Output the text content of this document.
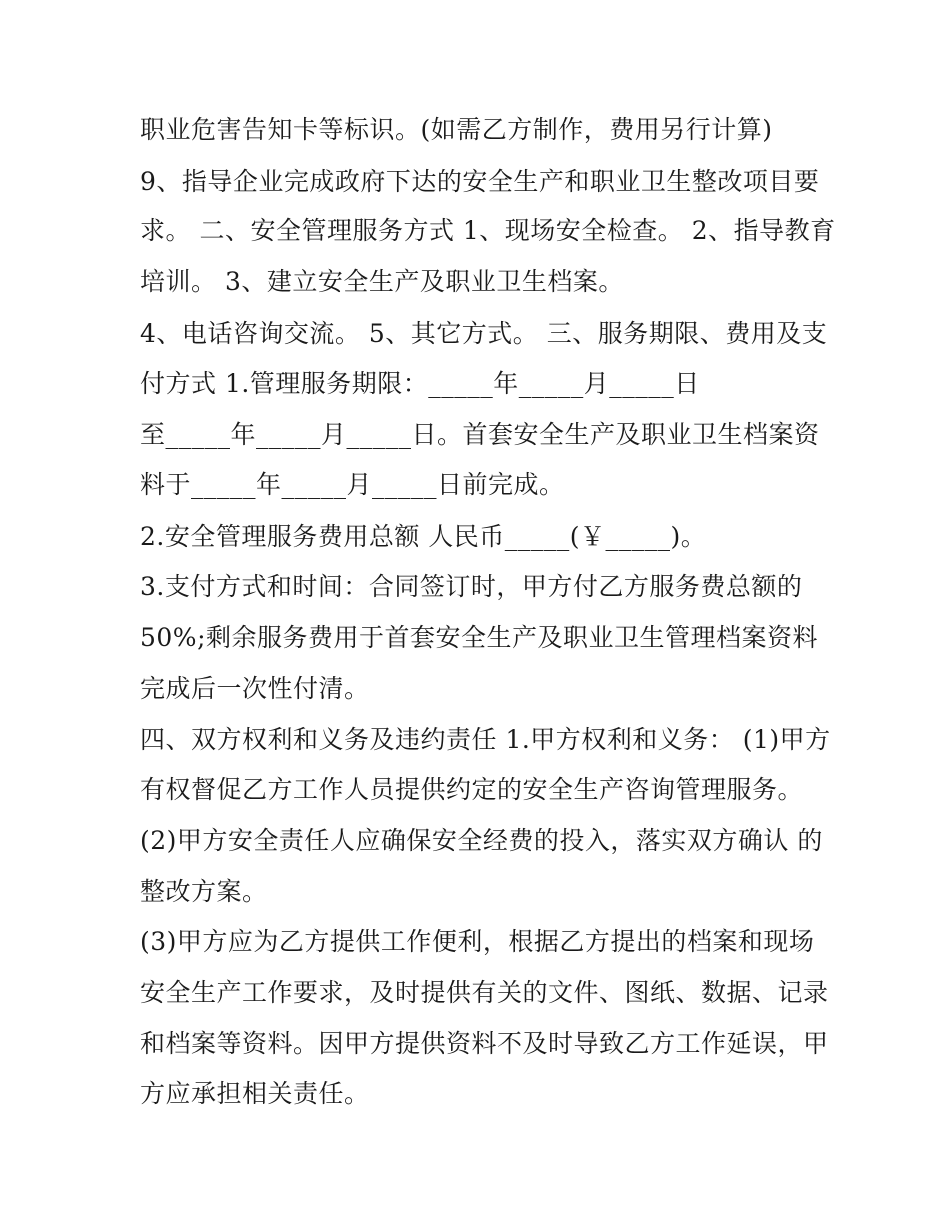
职业危害告知卡等标识。(如需乙方制作，费用另行计算)
9、指导企业完成政府下达的安全生产和职业卫生整改项目要
求。 二、安全管理服务方式 1、现场安全检查。 2、指导教育
培训。 3、建立安全生产及职业卫生档案。
4、电话咨询交流。 5、其它方式。 三、服务期限、费用及支
付方式 1.管理服务期限：_____年_____月_____日
至_____年_____月_____日。首套安全生产及职业卫生档案资
料于_____年_____月_____日前完成。
2.安全管理服务费用总额 人民币_____(￥_____)。
3.支付方式和时间：合同签订时，甲方付乙方服务费总额的
50%;剩余服务费用于首套安全生产及职业卫生管理档案资料
完成后一次性付清。
四、双方权利和义务及违约责任 1.甲方权利和义务： (1)甲方
有权督促乙方工作人员提供约定的安全生产咨询管理服务。
(2)甲方安全责任人应确保安全经费的投入，落实双方确认 的
整改方案。
(3)甲方应为乙方提供工作便利，根据乙方提出的档案和现场
安全生产工作要求，及时提供有关的文件、图纸、数据、记录
和档案等资料。因甲方提供资料不及时导致乙方工作延误，甲
方应承担相关责任。
